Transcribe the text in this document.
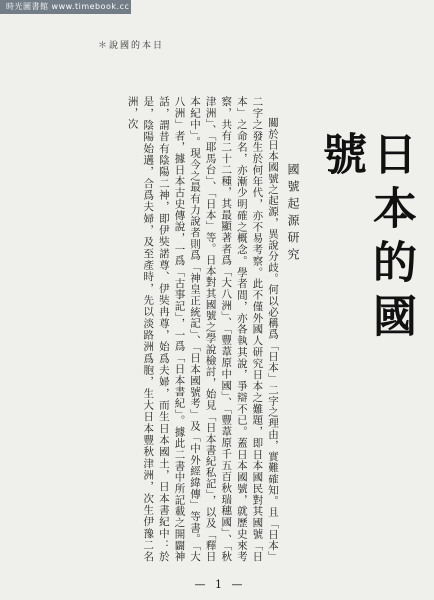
時光圖書館 www.timebook.cc
＊說國的本日
日本的國號
國號起源研究
關於日本國號之起源，異說分歧。何以必稱爲「日本」二字之理由，實難確知。且「日本」二字之發生於何年代，亦不易考察。此不僅外國人研究日本之難題，即日本國民對其國號「日本」之命名，亦漸少明確之概念。學者間，亦各執其說，爭辯不已。蓋日本國號，就歷史來考察，共有二十二種，其最顯著者爲「大八洲」、「豐葦原中國」、「豐葦原千五百秋瑞穗國」、「秋津洲」、「耶馬台」、「日本」等。日本對其國號之學說檢討，始見「日本書紀私記」，以及「釋日本紀中」。現今之最有力說者則爲「神皇正統記」、「日本國號考」及「中外經緯傳」等書。「大八洲」者，據日本古史傳說，一爲「古事記」，一爲「日本書紀」。據此二書中所記載之開闢神話，謂昔有陰陽二神，即伊奘諾尊、伊奘冉尊，始爲夫婦，而生日本國土，日本書紀中：於是，陰陽始遘，合爲夫婦，及至產時，先以淡路洲爲胞，生大日本豐秋津洲，次生伊豫二名洲，次
— 1 —
